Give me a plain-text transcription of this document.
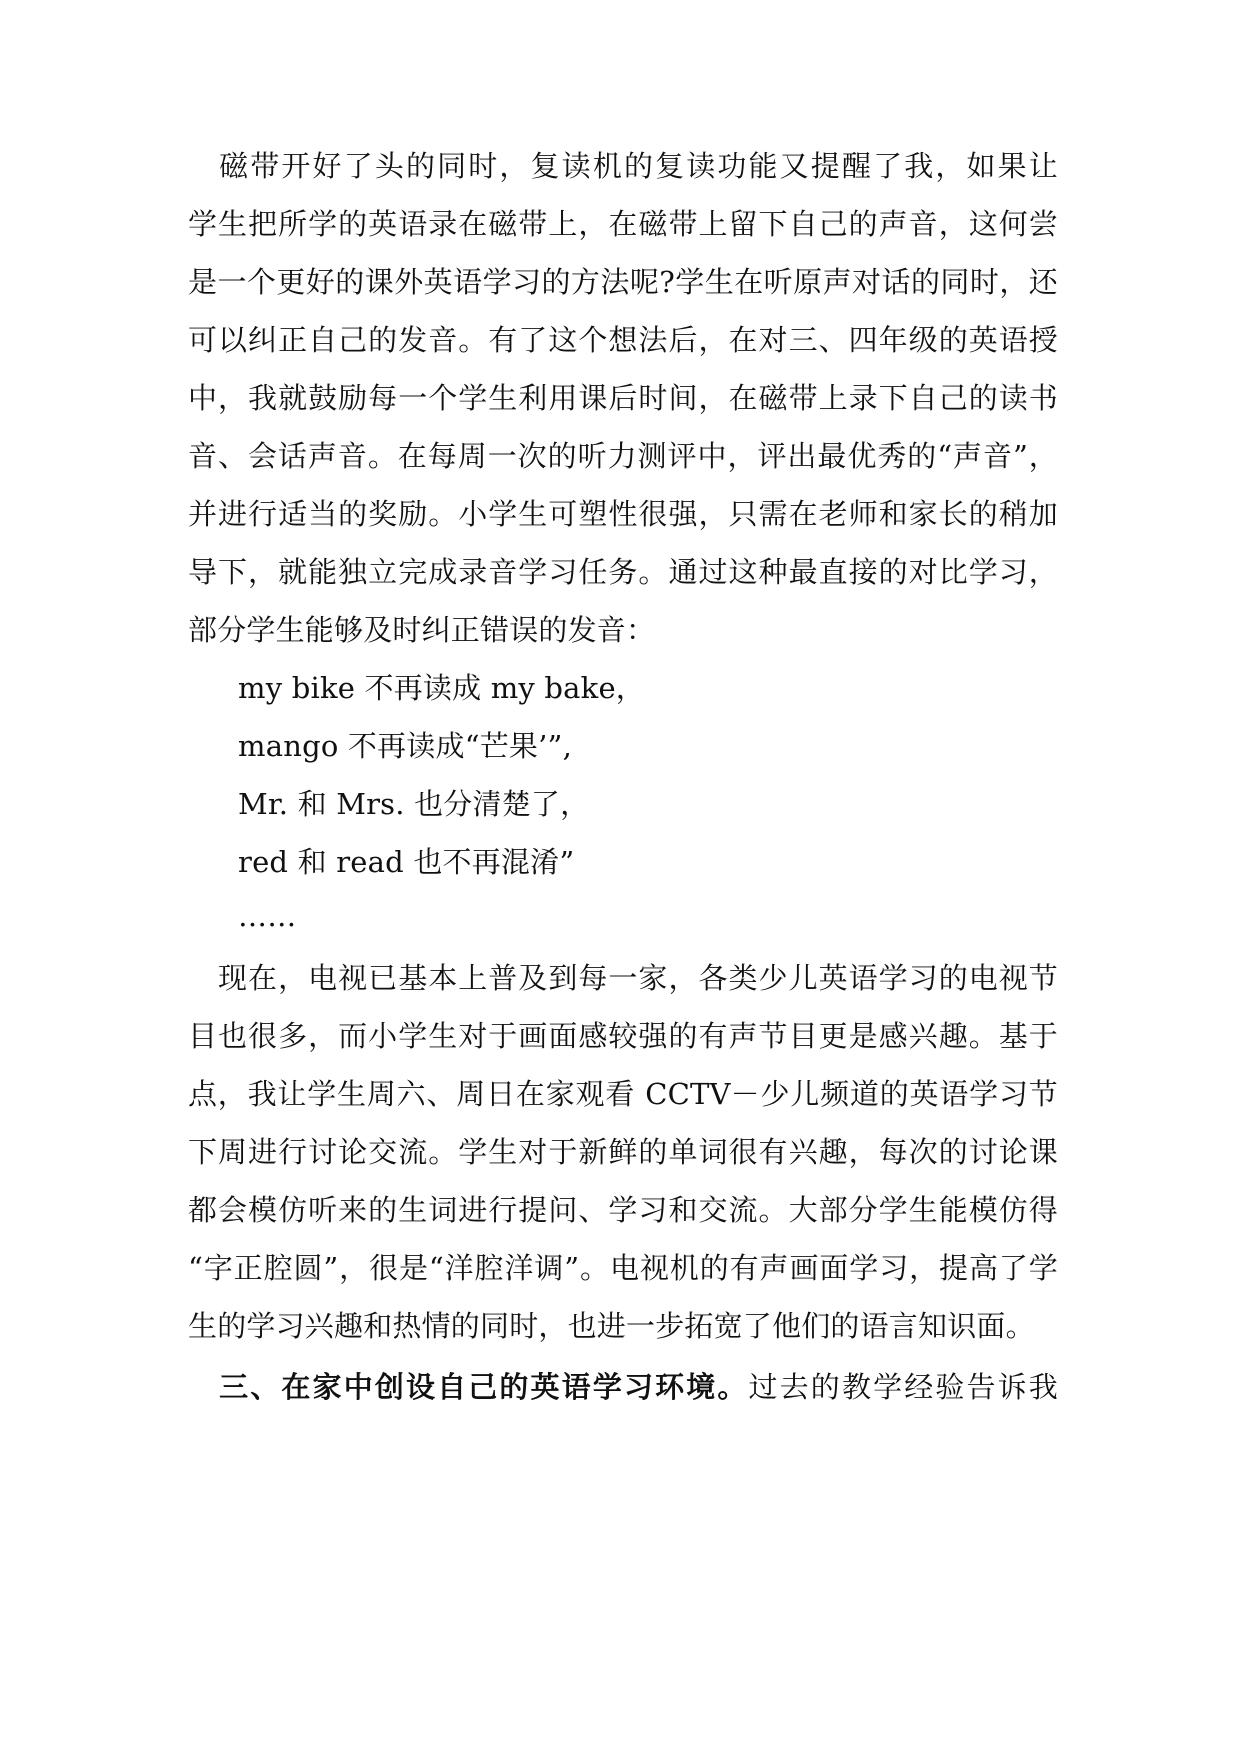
　磁带开好了头的同时，复读机的复读功能又提醒了我，如果让
学生把所学的英语录在磁带上，在磁带上留下自己的声音，这何尝
是一个更好的课外英语学习的方法呢?学生在听原声对话的同时，还
可以纠正自己的发音。有了这个想法后，在对三、四年级的英语授
中，我就鼓励每一个学生利用课后时间，在磁带上录下自己的读书
音、会话声音。在每周一次的听力测评中，评出最优秀的“声音”，
并进行适当的奖励。小学生可塑性很强，只需在老师和家长的稍加
导下，就能独立完成录音学习任务。通过这种最直接的对比学习，
部分学生能够及时纠正错误的发音：
my bike 不再读成 my bake，
mango 不再读成“芒果’”,
Mr. 和 Mrs. 也分清楚了，
red 和 read 也不再混淆”
……
　现在，电视已基本上普及到每一家，各类少儿英语学习的电视节
目也很多，而小学生对于画面感较强的有声节目更是感兴趣。基于
点，我让学生周六、周日在家观看 CCTV－少儿频道的英语学习节
下周进行讨论交流。学生对于新鲜的单词很有兴趣，每次的讨论课
都会模仿听来的生词进行提问、学习和交流。大部分学生能模仿得
“字正腔圆”，很是“洋腔洋调”。电视机的有声画面学习，提高了学
生的学习兴趣和热情的同时，也进一步拓宽了他们的语言知识面。
　三、在家中创设自己的英语学习环境。过去的教学经验告诉我
